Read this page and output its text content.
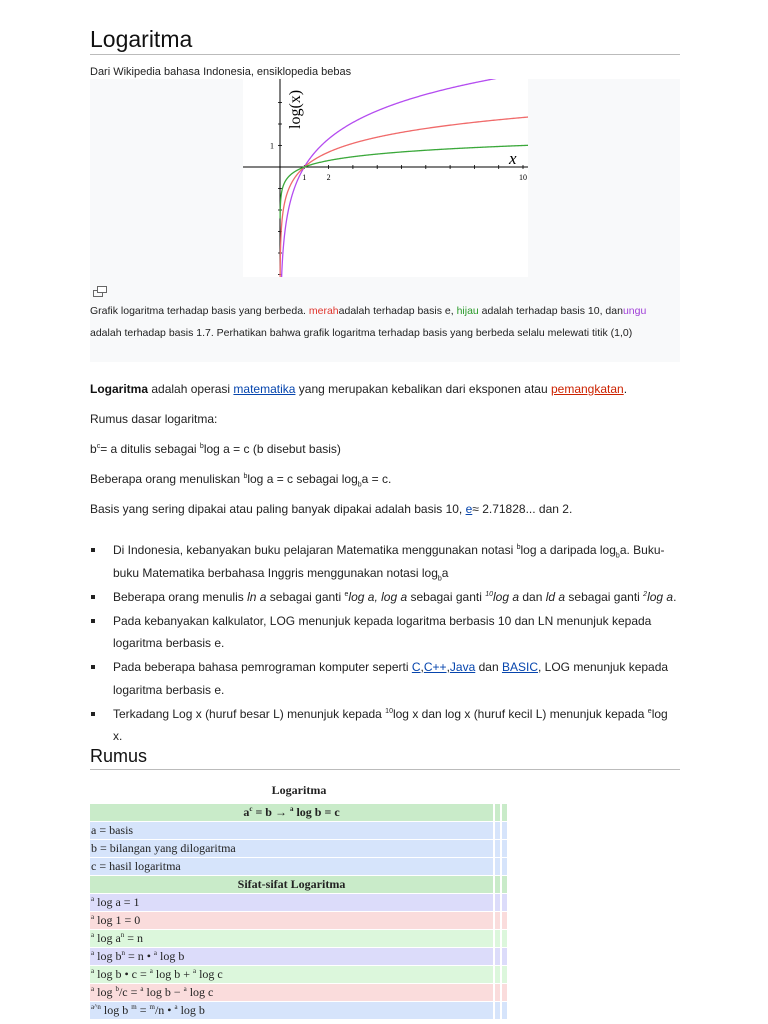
Logaritma
Dari Wikipedia bahasa Indonesia, ensiklopedia bebas
1	2	10
1
x
log(x)
Grafik logaritma terhadap basis yang berbeda. merahadalah terhadap basis e, hijau adalah terhadap basis 10, danungu adalah terhadap basis 1.7. Perhatikan bahwa grafik logaritma terhadap basis yang berbeda selalu melewati titik (1,0)
Logaritma adalah operasi matematika yang merupakan kebalikan dari eksponen atau pemangkatan.
Rumus dasar logaritma:
$b^c= a$ ditulis sebagai $^b$log a = c (b disebut basis)
Beberapa orang menuliskan $^b$log a = c sebagai $\log_ba = c$.
Basis yang sering dipakai atau paling banyak dipakai adalah basis 10, e≈ 2.71828... dan 2.
Di Indonesia, kebanyakan buku pelajaran Matematika menggunakan notasi $^b$log a daripada $\log_ba$. Buku-buku Matematika berbahasa Inggris menggunakan notasi $\log_ba$
Beberapa orang menulis ln a sebagai ganti $^e$log a, log a sebagai ganti $^{10}$log a dan ld a sebagai ganti $^2$log a.
Pada kebanyakan kalkulator, LOG menunjuk kepada logaritma berbasis 10 dan LN menunjuk kepada logaritma berbasis e.
Pada beberapa bahasa pemrograman komputer seperti C,C++,Java dan BASIC, LOG menunjuk kepada logaritma berbasis e.
Terkadang Log x (huruf besar L) menunjuk kepada $^{10}$log x dan log x (huruf kecil L) menunjuk kepada $^e$log x.
Rumus
Logaritma
$a^c = b \to ^a$ log b = c		
a = basis		
b = bilangan yang dilogaritma		
c = hasil logaritma		
Sifat-sifat Logaritma		
$^a$ log a = 1		
$^a$ log 1 = 0		
$^a$ $\log a^n = n$		
$^a$ $\log b^n = n$ • $^a$ log b		
$^a$ log b • c = $^a$ log b + $^a$ log c		
$^a$ log $^b$/c = $^a$ log b − $^a$ log c		
$^{a\^{}n}$ log b $^m$ = $^m$/n • $^a$ log b		
